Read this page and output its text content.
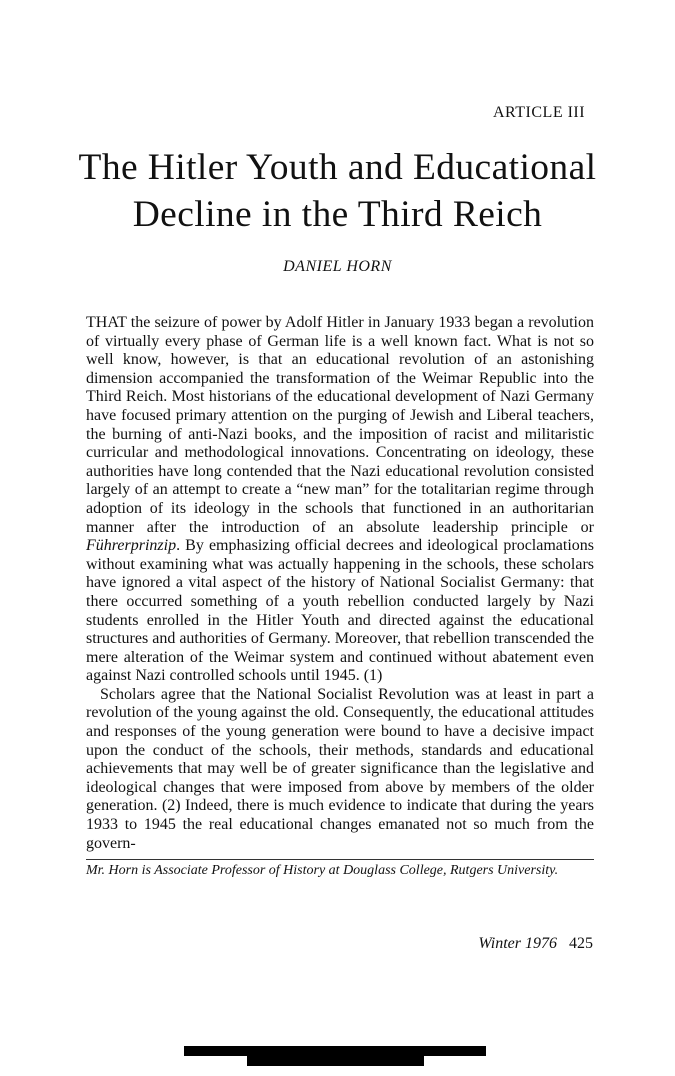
ARTICLE III
The Hitler Youth and Educational
Decline in the Third Reich
DANIEL HORN

THAT the seizure of power by Adolf Hitler in January 1933 began a revolution of virtually every phase of German life is a well known fact. What is not so well know, however, is that an educational revolution of an astonishing dimension accompanied the transformation of the Weimar Republic into the Third Reich. Most historians of the educational development of Nazi Germany have focused primary attention on the purging of Jewish and Liberal teachers, the burning of anti-Nazi books, and the imposition of racist and militaristic curricular and methodological innovations. Concentrating on ideology, these authorities have long contended that the Nazi educational revolution consisted largely of an attempt to create a “new man” for the totalitarian regime through adoption of its ideology in the schools that functioned in an authoritarian manner after the introduction of an absolute leadership principle or Führerprinzip. By emphasizing official decrees and ideological proclamations without examining what was actually happening in the schools, these scholars have ignored a vital aspect of the history of National Socialist Germany: that there occurred something of a youth rebellion conducted largely by Nazi students enrolled in the Hitler Youth and directed against the educational structures and authorities of Germany. Moreover, that rebellion transcended the mere alteration of the Weimar system and continued without abatement even against Nazi controlled schools until 1945. (1)

Scholars agree that the National Socialist Revolution was at least in part a revolution of the young against the old. Consequently, the educational attitudes and responses of the young generation were bound to have a decisive impact upon the conduct of the schools, their methods, standards and educational achievements that may well be of greater significance than the legislative and ideological changes that were imposed from above by members of the older generation. (2) Indeed, there is much evidence to indicate that during the years 1933 to 1945 the real educational changes emanated not so much from the govern-

Mr. Horn is Associate Professor of History at Douglass College, Rutgers University.
Winter 1976 425
